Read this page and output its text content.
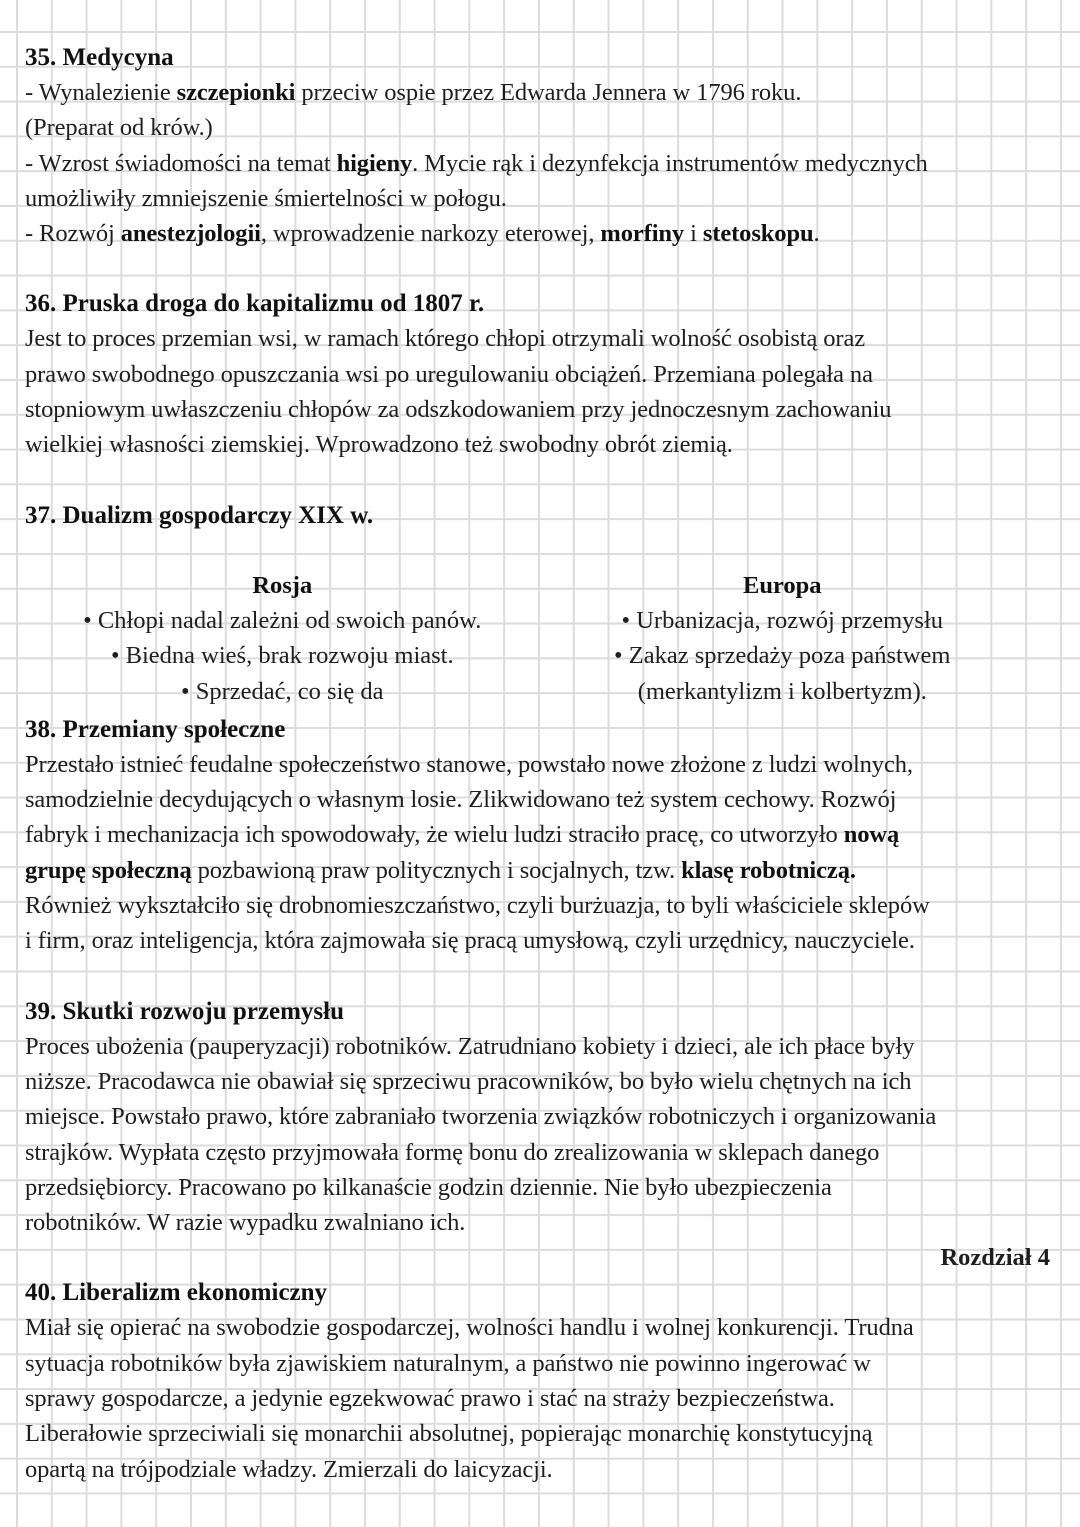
35. Medycyna

- Wynalezienie szczepionki przeciw ospie przez Edwarda Jennera w 1796 roku.
(Preparat od krów.)
- Wzrost świadomości na temat higieny. Mycie rąk i dezynfekcja instrumentów medycznych
umożliwiły zmniejszenie śmiertelności w połogu.
- Rozwój anestezjologii, wprowadzenie narkozy eterowej, morfiny i stetoskopu.

36. Pruska droga do kapitalizmu od 1807 r.

Jest to proces przemian wsi, w ramach którego chłopi otrzymali wolność osobistą oraz
prawo swobodnego opuszczania wsi po uregulowaniu obciążeń. Przemiana polegała na
stopniowym uwłaszczeniu chłopów za odszkodowaniem przy jednoczesnym zachowaniu
wielkiej własności ziemskiej. Wprowadzono też swobodny obrót ziemią.

37. Dualizm gospodarczy XIX w.
Rosja
• Chłopi nadal zależni od swoich panów.
• Biedna wieś, brak rozwoju miast.
• Sprzedać, co się da
Europa
• Urbanizacja, rozwój przemysłu
• Zakaz sprzedaży poza państwem
(merkantylizm i kolbertyzm).
38. Przemiany społeczne

Przestało istnieć feudalne społeczeństwo stanowe, powstało nowe złożone z ludzi wolnych,
samodzielnie decydujących o własnym losie. Zlikwidowano też system cechowy. Rozwój
fabryk i mechanizacja ich spowodowały, że wielu ludzi straciło pracę, co utworzyło nową
grupę społeczną pozbawioną praw politycznych i socjalnych, tzw. klasę robotniczą.
Również wykształciło się drobnomieszczaństwo, czyli burżuazja, to byli właściciele sklepów
i firm, oraz inteligencja, która zajmowała się pracą umysłową, czyli urzędnicy, nauczyciele.

39. Skutki rozwoju przemysłu

Proces ubożenia (pauperyzacji) robotników. Zatrudniano kobiety i dzieci, ale ich płace były
niższe. Pracodawca nie obawiał się sprzeciwu pracowników, bo było wielu chętnych na ich
miejsce. Powstało prawo, które zabraniało tworzenia związków robotniczych i organizowania
strajków. Wypłata często przyjmowała formę bonu do zrealizowania w sklepach danego
przedsiębiorcy. Pracowano po kilkanaście godzin dziennie. Nie było ubezpieczenia
robotników. W razie wypadku zwalniano ich.

Rozdział 4
40. Liberalizm ekonomiczny

Miał się opierać na swobodzie gospodarczej, wolności handlu i wolnej konkurencji. Trudna
sytuacja robotników była zjawiskiem naturalnym, a państwo nie powinno ingerować w
sprawy gospodarcze, a jedynie egzekwować prawo i stać na straży bezpieczeństwa.
Liberałowie sprzeciwiali się monarchii absolutnej, popierając monarchię konstytucyjną
opartą na trójpodziale władzy. Zmierzali do laicyzacji.
